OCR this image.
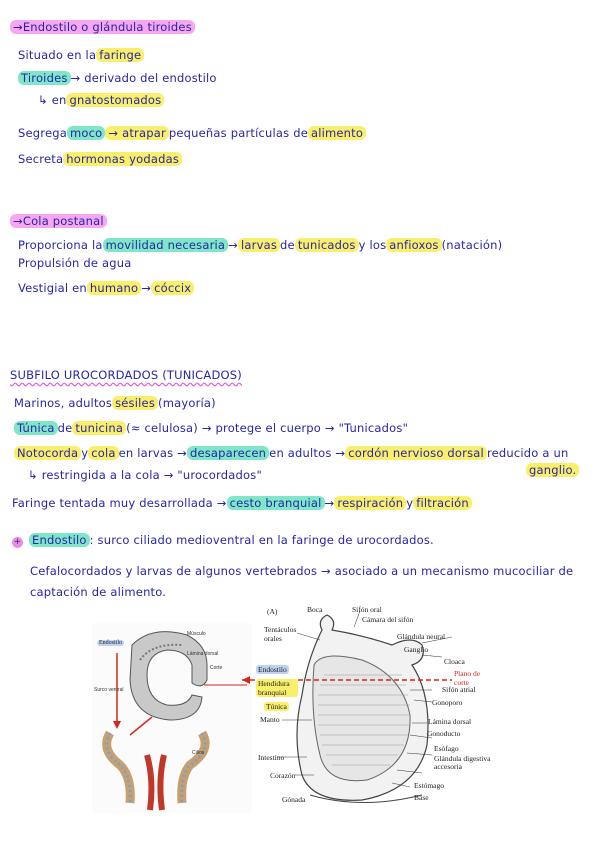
→Endostilo o glándula tiroides
Situado en lafaringe
Tiroides→ derivado del endostilo
↳ engnatostomados
Segregamoco→ atraparpequeñas partículas dealimento
Secretahormonas yodadas
→Cola postanal
Proporciona lamovilidad necesaria→larvasdetunicadosy losanfioxos(natación)
Propulsión de agua
Vestigial enhumano→cóccix
SUBFILO UROCORDADOS (TUNICADOS)
Marinos, adultossésiles(mayoría)
Túnicadetunicina(≈ celulosa) → protege el cuerpo → "Tunicados"
Notocordaycolaen larvas →desaparecenen adultos →cordón nervioso dorsalreducido a un
ganglio.
↳ restringida a la cola → "urocordados"
Faringe tentada muy desarrollada →cesto branquial→respiraciónyfiltración
+ Endostilo : surco ciliado medioventral en la faringe de urocordados.
Cefalocordados y larvas de algunos vertebrados → asociado a un mecanismo mucociliar de
captación de alimento.
Endostilo
Músculo
Lámina dorsal
Surco ventral
Corte
Cilios
(A)	Boca	Sifón oral
Cámara del sifón
Tentáculos orales	Glándula neural
Ganglio
Cloaca
Plano de corte
Sifón atrial
Gonoporo
Endostilo
Hendidura branquial
Túnica
Manto	Lámina dorsal
Gonoducto
Esófago
Intestino	Glándula digestiva accesoria
Corazón
Estómago
Gónada	Base
